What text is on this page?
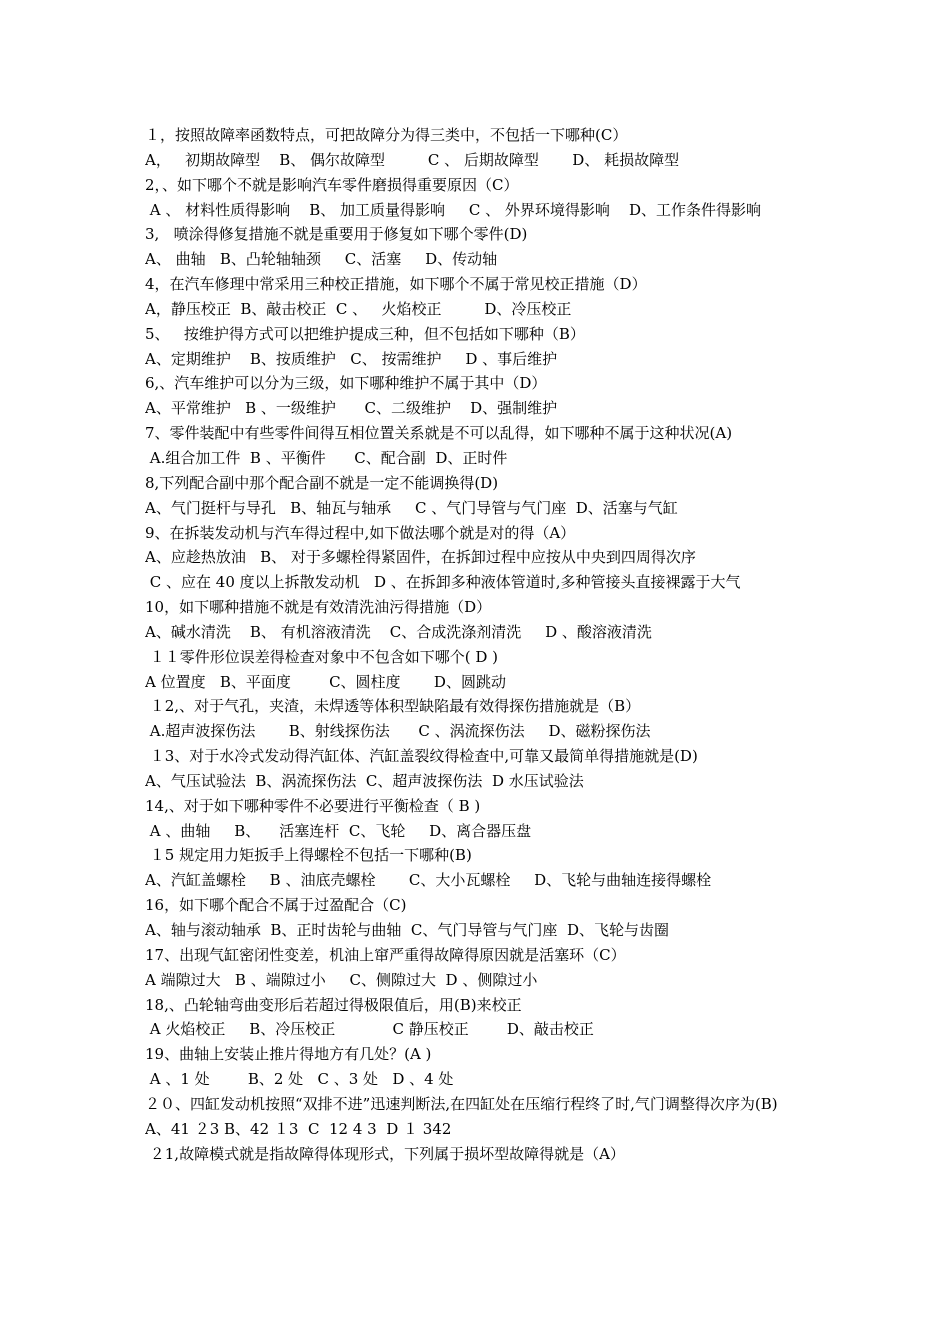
１，按照故障率函数特点，可把故障分为得三类中，不包括一下哪种(C）
A，   初期故障型    B、 偶尔故障型         C 、 后期故障型       D、 耗损故障型
2，、如下哪个不就是影响汽车零件磨损得重要原因（C）
A 、 材料性质得影响    B、 加工质量得影响     C 、 外界环境得影响    D、工作条件得影响
3,   喷涂得修复措施不就是重要用于修复如下哪个零件(D)
A、 曲轴   B、凸轮轴轴颈     C、活塞     D、传动轴
4，在汽车修理中常采用三种校正措施，如下哪个不属于常见校正措施（D）
A，静压校正  B、敲击校正  C 、   火焰校正         D、冷压校正
5、   按维护得方式可以把维护提成三种，但不包括如下哪种（B）
A、定期维护    B、按质维护   C、 按需维护     D 、事后维护
6,、汽车维护可以分为三级，如下哪种维护不属于其中（D）
A、平常维护   B 、一级维护      C、二级维护    D、强制维护
7、零件装配中有些零件间得互相位置关系就是不可以乱得，如下哪种不属于这种状况(A)
A.组合加工件  B 、平衡件      C、配合副  D、正时件
8,下列配合副中那个配合副不就是一定不能调换得(D)
A、气门挺杆与导孔   B、轴瓦与轴承     C 、气门导管与气门座  D、活塞与气缸
9、在拆装发动机与汽车得过程中,如下做法哪个就是对的得（A）
A、应趁热放油   B、 对于多螺栓得紧固件，在拆卸过程中应按从中央到四周得次序
C 、应在 40 度以上拆散发动机   D 、在拆卸多种液体管道时,多种管接头直接裸露于大气
10，如下哪种措施不就是有效清洗油污得措施（D）
A、碱水清洗    B、 有机溶液清洗    C、合成洗涤剂清洗     D 、酸溶液清洗
１１零件形位误差得检查对象中不包含如下哪个( D )
A 位置度   B、平面度        C、圆柱度       D、圆跳动
１2,、对于气孔，夹渣，未焊透等体积型缺陷最有效得探伤措施就是（B）
A.超声波探伤法       B、射线探伤法      C 、涡流探伤法     D、磁粉探伤法
１3、对于水冷式发动得汽缸体、汽缸盖裂纹得检查中,可靠又最简单得措施就是(D)
A、气压试验法  B、涡流探伤法  C、超声波探伤法  D 水压试验法
14,、对于如下哪种零件不必要进行平衡检查（ B )
A 、曲轴     B、    活塞连杆  C、飞轮     D、离合器压盘
１5 规定用力矩扳手上得螺栓不包括一下哪种(B)
A、汽缸盖螺栓     B 、油底壳螺栓       C、大小瓦螺栓     D、飞轮与曲轴连接得螺栓
16，如下哪个配合不属于过盈配合（C)
A、轴与滚动轴承  B、正时齿轮与曲轴  C、气门导管与气门座  D、飞轮与齿圈
17、出现气缸密闭性变差，机油上窜严重得故障得原因就是活塞环（C）
A 端隙过大   B 、端隙过小     C、侧隙过大  D 、侧隙过小
18,、凸轮轴弯曲变形后若超过得极限值后，用(B)来校正
A 火焰校正     B、冷压校正            C 静压校正        D、敲击校正
19、曲轴上安装止推片得地方有几处？(A )
A 、1 处        B、2 处   C 、3 处   D 、4 处
２０、四缸发动机按照“双排不进”迅速判断法,在四缸处在压缩行程终了时,气门调整得次序为(B)
A、41 ２3 B、42 １3  C  12 4 3  D １ 342
２1,故障模式就是指故障得体现形式，下列属于损坏型故障得就是（A）
